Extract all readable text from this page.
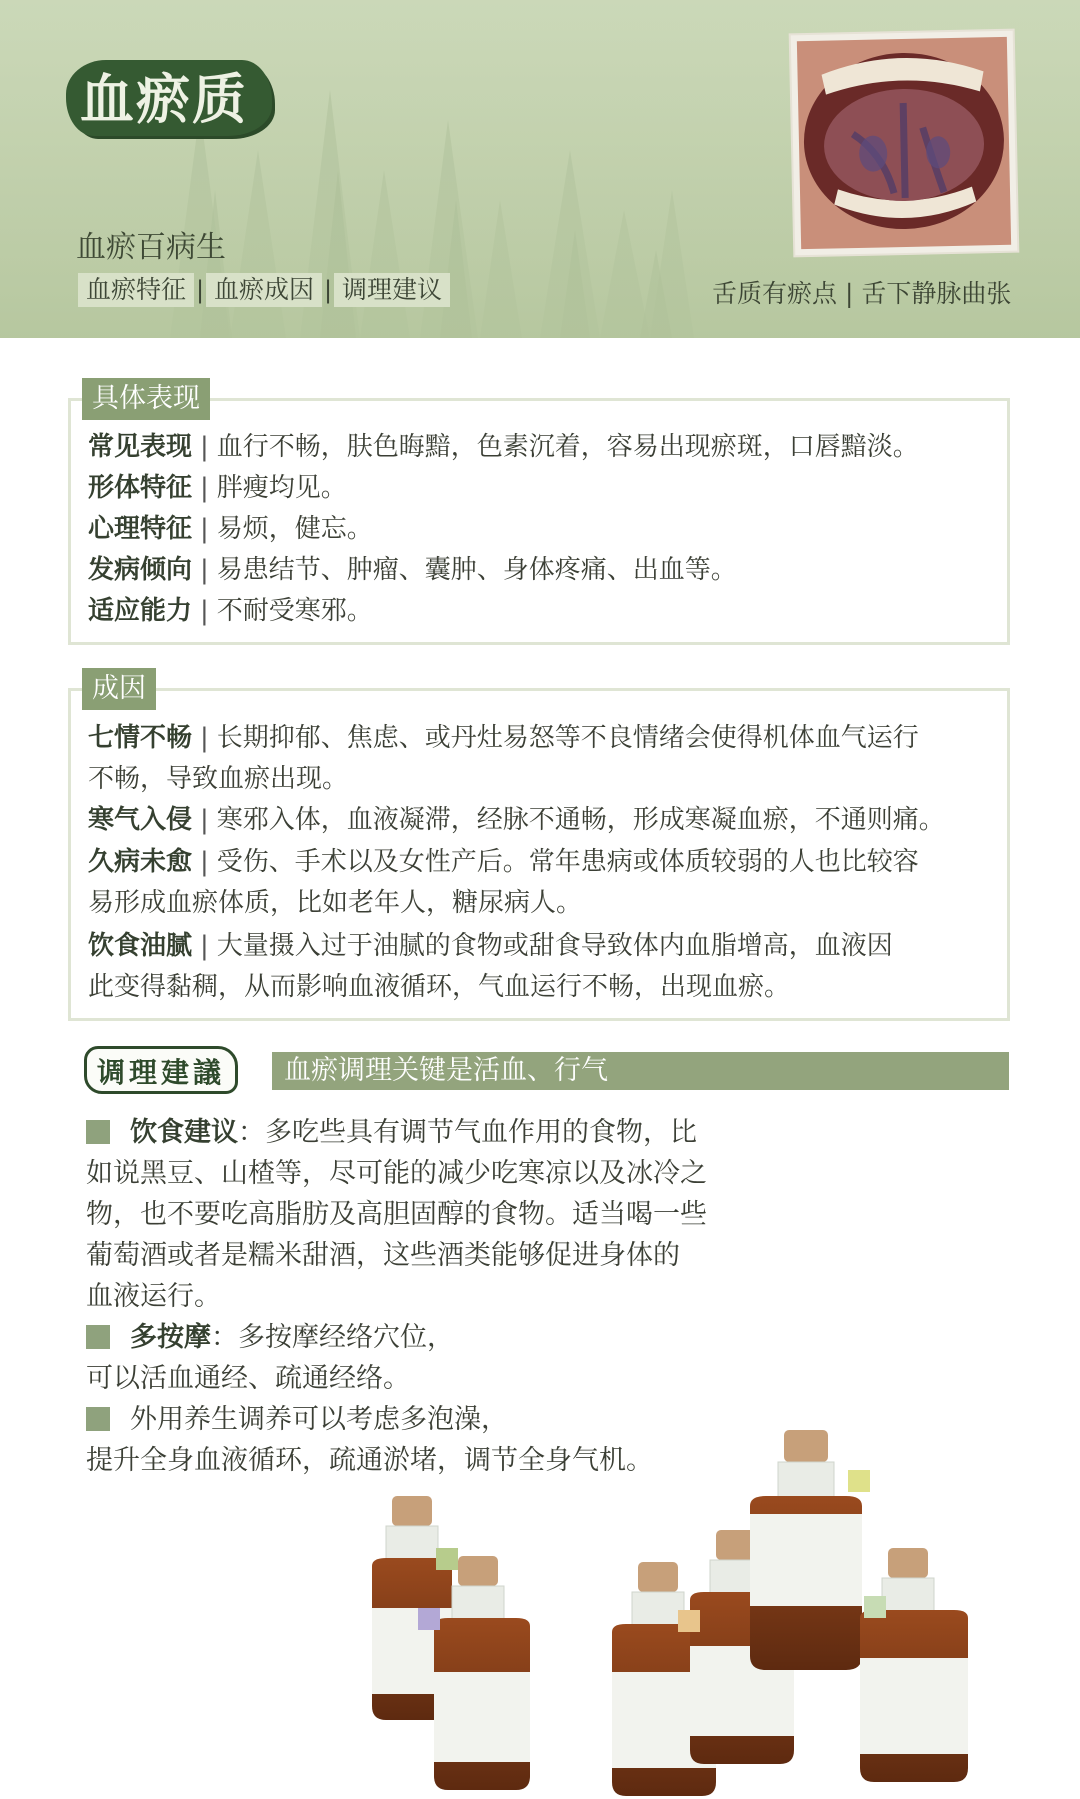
血瘀质
血瘀百病生
血瘀特征 | 血瘀成因 | 调理建议	舌质有瘀点 | 舌下静脉曲张
具体表现
常见表现 | 血行不畅，肤色晦黯，色素沉着，容易出现瘀斑，口唇黯淡。
形体特征 | 胖瘦均见。
心理特征 | 易烦，健忘。
发病倾向 | 易患结节、肿瘤、囊肿、身体疼痛、出血等。
适应能力 | 不耐受寒邪。
成因
七情不畅 | 长期抑郁、焦虑、或丹灶易怒等不良情绪会使得机体血气运行
不畅，导致血瘀出现。
寒气入侵 | 寒邪入体，血液凝滞，经脉不通畅，形成寒凝血瘀，不通则痛。
久病未愈 | 受伤、手术以及女性产后。常年患病或体质较弱的人也比较容
易形成血瘀体质，比如老年人，糖尿病人。
饮食油腻 | 大量摄入过于油腻的食物或甜食导致体内血脂增高，血液因
此变得黏稠，从而影响血液循环，气血运行不畅，出现血瘀。
调理建議	血瘀调理关键是活血、行气
饮食建议：多吃些具有调节气血作用的食物，比
如说黑豆、山楂等，尽可能的减少吃寒凉以及冰冷之
物，也不要吃高脂肪及高胆固醇的食物。适当喝一些
葡萄酒或者是糯米甜酒，这些酒类能够促进身体的
血液运行。
多按摩：多按摩经络穴位，
可以活血通经、疏通经络。
外用养生调养可以考虑多泡澡，
提升全身血液循环，疏通淤堵，调节全身气机。
